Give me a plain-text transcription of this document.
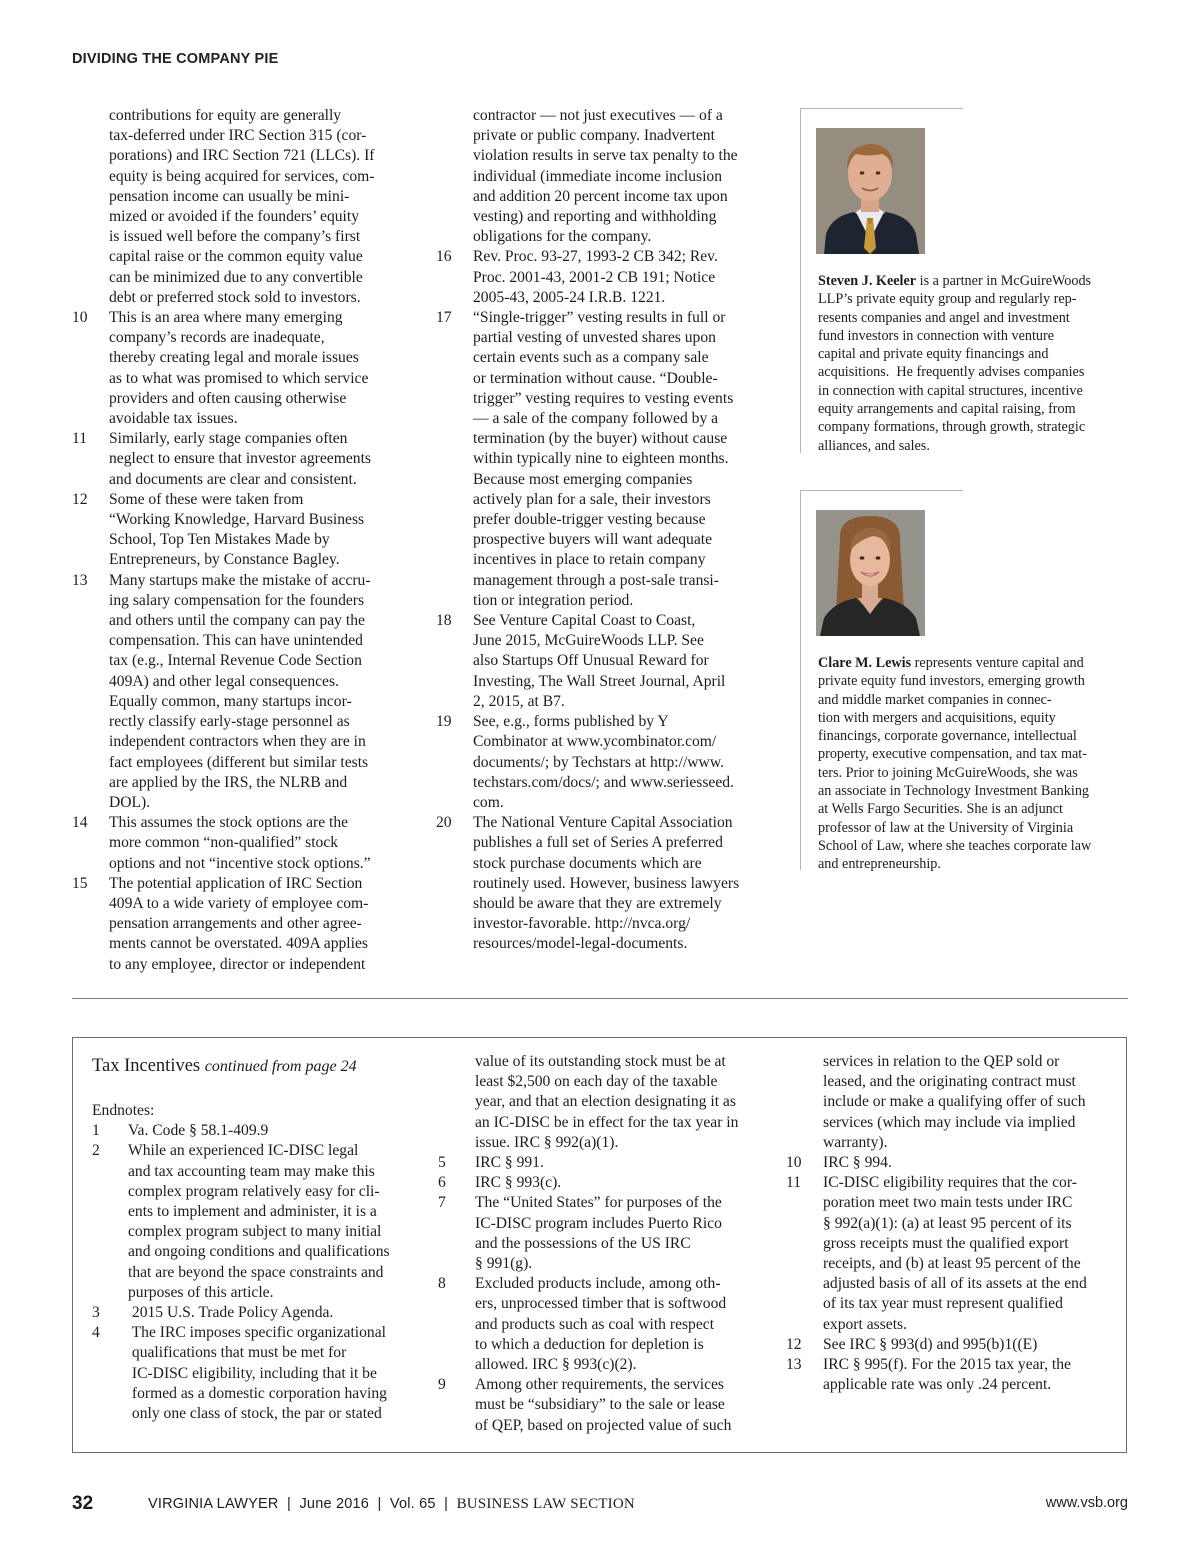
DIVIDING THE COMPANY PIE
contributions for equity are generally
tax-deferred under IRC Section 315 (cor-
porations) and IRC Section 721 (LLCs). If
equity is being acquired for services, com-
pensation income can usually be mini-
mized or avoided if the founders’ equity
is issued well before the company’s first
capital raise or the common equity value
can be minimized due to any convertible
debt or preferred stock sold to investors.
10	This is an area where many emerging
company’s records are inadequate,
thereby creating legal and morale issues
as to what was promised to which service
providers and often causing otherwise
avoidable tax issues.
11	Similarly, early stage companies often
neglect to ensure that investor agreements
and documents are clear and consistent.
12	Some of these were taken from
“Working Knowledge, Harvard Business
School, Top Ten Mistakes Made by
Entrepreneurs, by Constance Bagley.
13	Many startups make the mistake of accru-
ing salary compensation for the founders
and others until the company can pay the
compensation. This can have unintended
tax (e.g., Internal Revenue Code Section
409A) and other legal consequences.
Equally common, many startups incor-
rectly classify early-stage personnel as
independent contractors when they are in
fact employees (different but similar tests
are applied by the IRS, the NLRB and
DOL).
14	This assumes the stock options are the
more common “non-qualified” stock
options and not “incentive stock options.”
15	The potential application of IRC Section
409A to a wide variety of employee com-
pensation arrangements and other agree-
ments cannot be overstated. 409A applies
to any employee, director or independent
contractor — not just executives — of a
private or public company. Inadvertent
violation results in serve tax penalty to the
individual (immediate income inclusion
and addition 20 percent income tax upon
vesting) and reporting and withholding
obligations for the company.
16	Rev. Proc. 93-27, 1993-2 CB 342; Rev.
Proc. 2001-43, 2001-2 CB 191; Notice
2005-43, 2005-24 I.R.B. 1221.
17	“Single-trigger” vesting results in full or
partial vesting of unvested shares upon
certain events such as a company sale
or termination without cause. “Double-
trigger” vesting requires to vesting events
— a sale of the company followed by a
termination (by the buyer) without cause
within typically nine to eighteen months.
Because most emerging companies
actively plan for a sale, their investors
prefer double-trigger vesting because
prospective buyers will want adequate
incentives in place to retain company
management through a post-sale transi-
tion or integration period.
18	See Venture Capital Coast to Coast,
June 2015, McGuireWoods LLP. See
also Startups Off Unusual Reward for
Investing, The Wall Street Journal, April
2, 2015, at B7.
19	See, e.g., forms published by Y
Combinator at www.ycombinator.com/
documents/; by Techstars at http://www.
techstars.com/docs/; and www.seriesseed.
com.
20	The National Venture Capital Association
publishes a full set of Series A preferred
stock purchase documents which are
routinely used. However, business lawyers
should be aware that they are extremely
investor-favorable. http://nvca.org/
resources/model-legal-documents.
Steven J. Keeler is a partner in McGuireWoods
LLP’s private equity group and regularly rep-
resents companies and angel and investment
fund investors in connection with venture
capital and private equity financings and
acquisitions.  He frequently advises companies
in connection with capital structures, incentive
equity arrangements and capital raising, from
company formations, through growth, strategic
alliances, and sales.
Clare M. Lewis represents venture capital and
private equity fund investors, emerging growth
and middle market companies in connec-
tion with mergers and acquisitions, equity
financings, corporate governance, intellectual
property, executive compensation, and tax mat-
ters. Prior to joining McGuireWoods, she was
an associate in Technology Investment Banking
at Wells Fargo Securities. She is an adjunct
professor of law at the University of Virginia
School of Law, where she teaches corporate law
and entrepreneurship.
Tax Incentives continued from page 24
Endnotes:
1	Va. Code § 58.1-409.9
2	While an experienced IC-DISC legal
and tax accounting team may make this
complex program relatively easy for cli-
ents to implement and administer, it is a
complex program subject to many initial
and ongoing conditions and qualifications
that are beyond the space constraints and
purposes of this article.
3	2015 U.S. Trade Policy Agenda.
4	The IRC imposes specific organizational
qualifications that must be met for
IC-DISC eligibility, including that it be
formed as a domestic corporation having
only one class of stock, the par or stated
value of its outstanding stock must be at
least $2,500 on each day of the taxable
year, and that an election designating it as
an IC-DISC be in effect for the tax year in
issue. IRC § 992(a)(1).
5	IRC § 991.
6	IRC § 993(c).
7	The “United States” for purposes of the
IC-DISC program includes Puerto Rico
and the possessions of the US IRC
§ 991(g).
8	Excluded products include, among oth-
ers, unprocessed timber that is softwood
and products such as coal with respect
to which a deduction for depletion is
allowed. IRC § 993(c)(2).
9	Among other requirements, the services
must be “subsidiary” to the sale or lease
of QEP, based on projected value of such
services in relation to the QEP sold or
leased, and the originating contract must
include or make a qualifying offer of such
services (which may include via implied
warranty).
10	IRC § 994.
11	IC-DISC eligibility requires that the cor-
poration meet two main tests under IRC
§ 992(a)(1): (a) at least 95 percent of its
gross receipts must the qualified export
receipts, and (b) at least 95 percent of the
adjusted basis of all of its assets at the end
of its tax year must represent qualified
export assets.
12	See IRC § 993(d) and 995(b)1((E)
13	IRC § 995(f). For the 2015 tax year, the
applicable rate was only .24 percent.
32	VIRGINIA LAWYER | June 2016 | Vol. 65 | BUSINESS LAW SECTION	www.vsb.org
